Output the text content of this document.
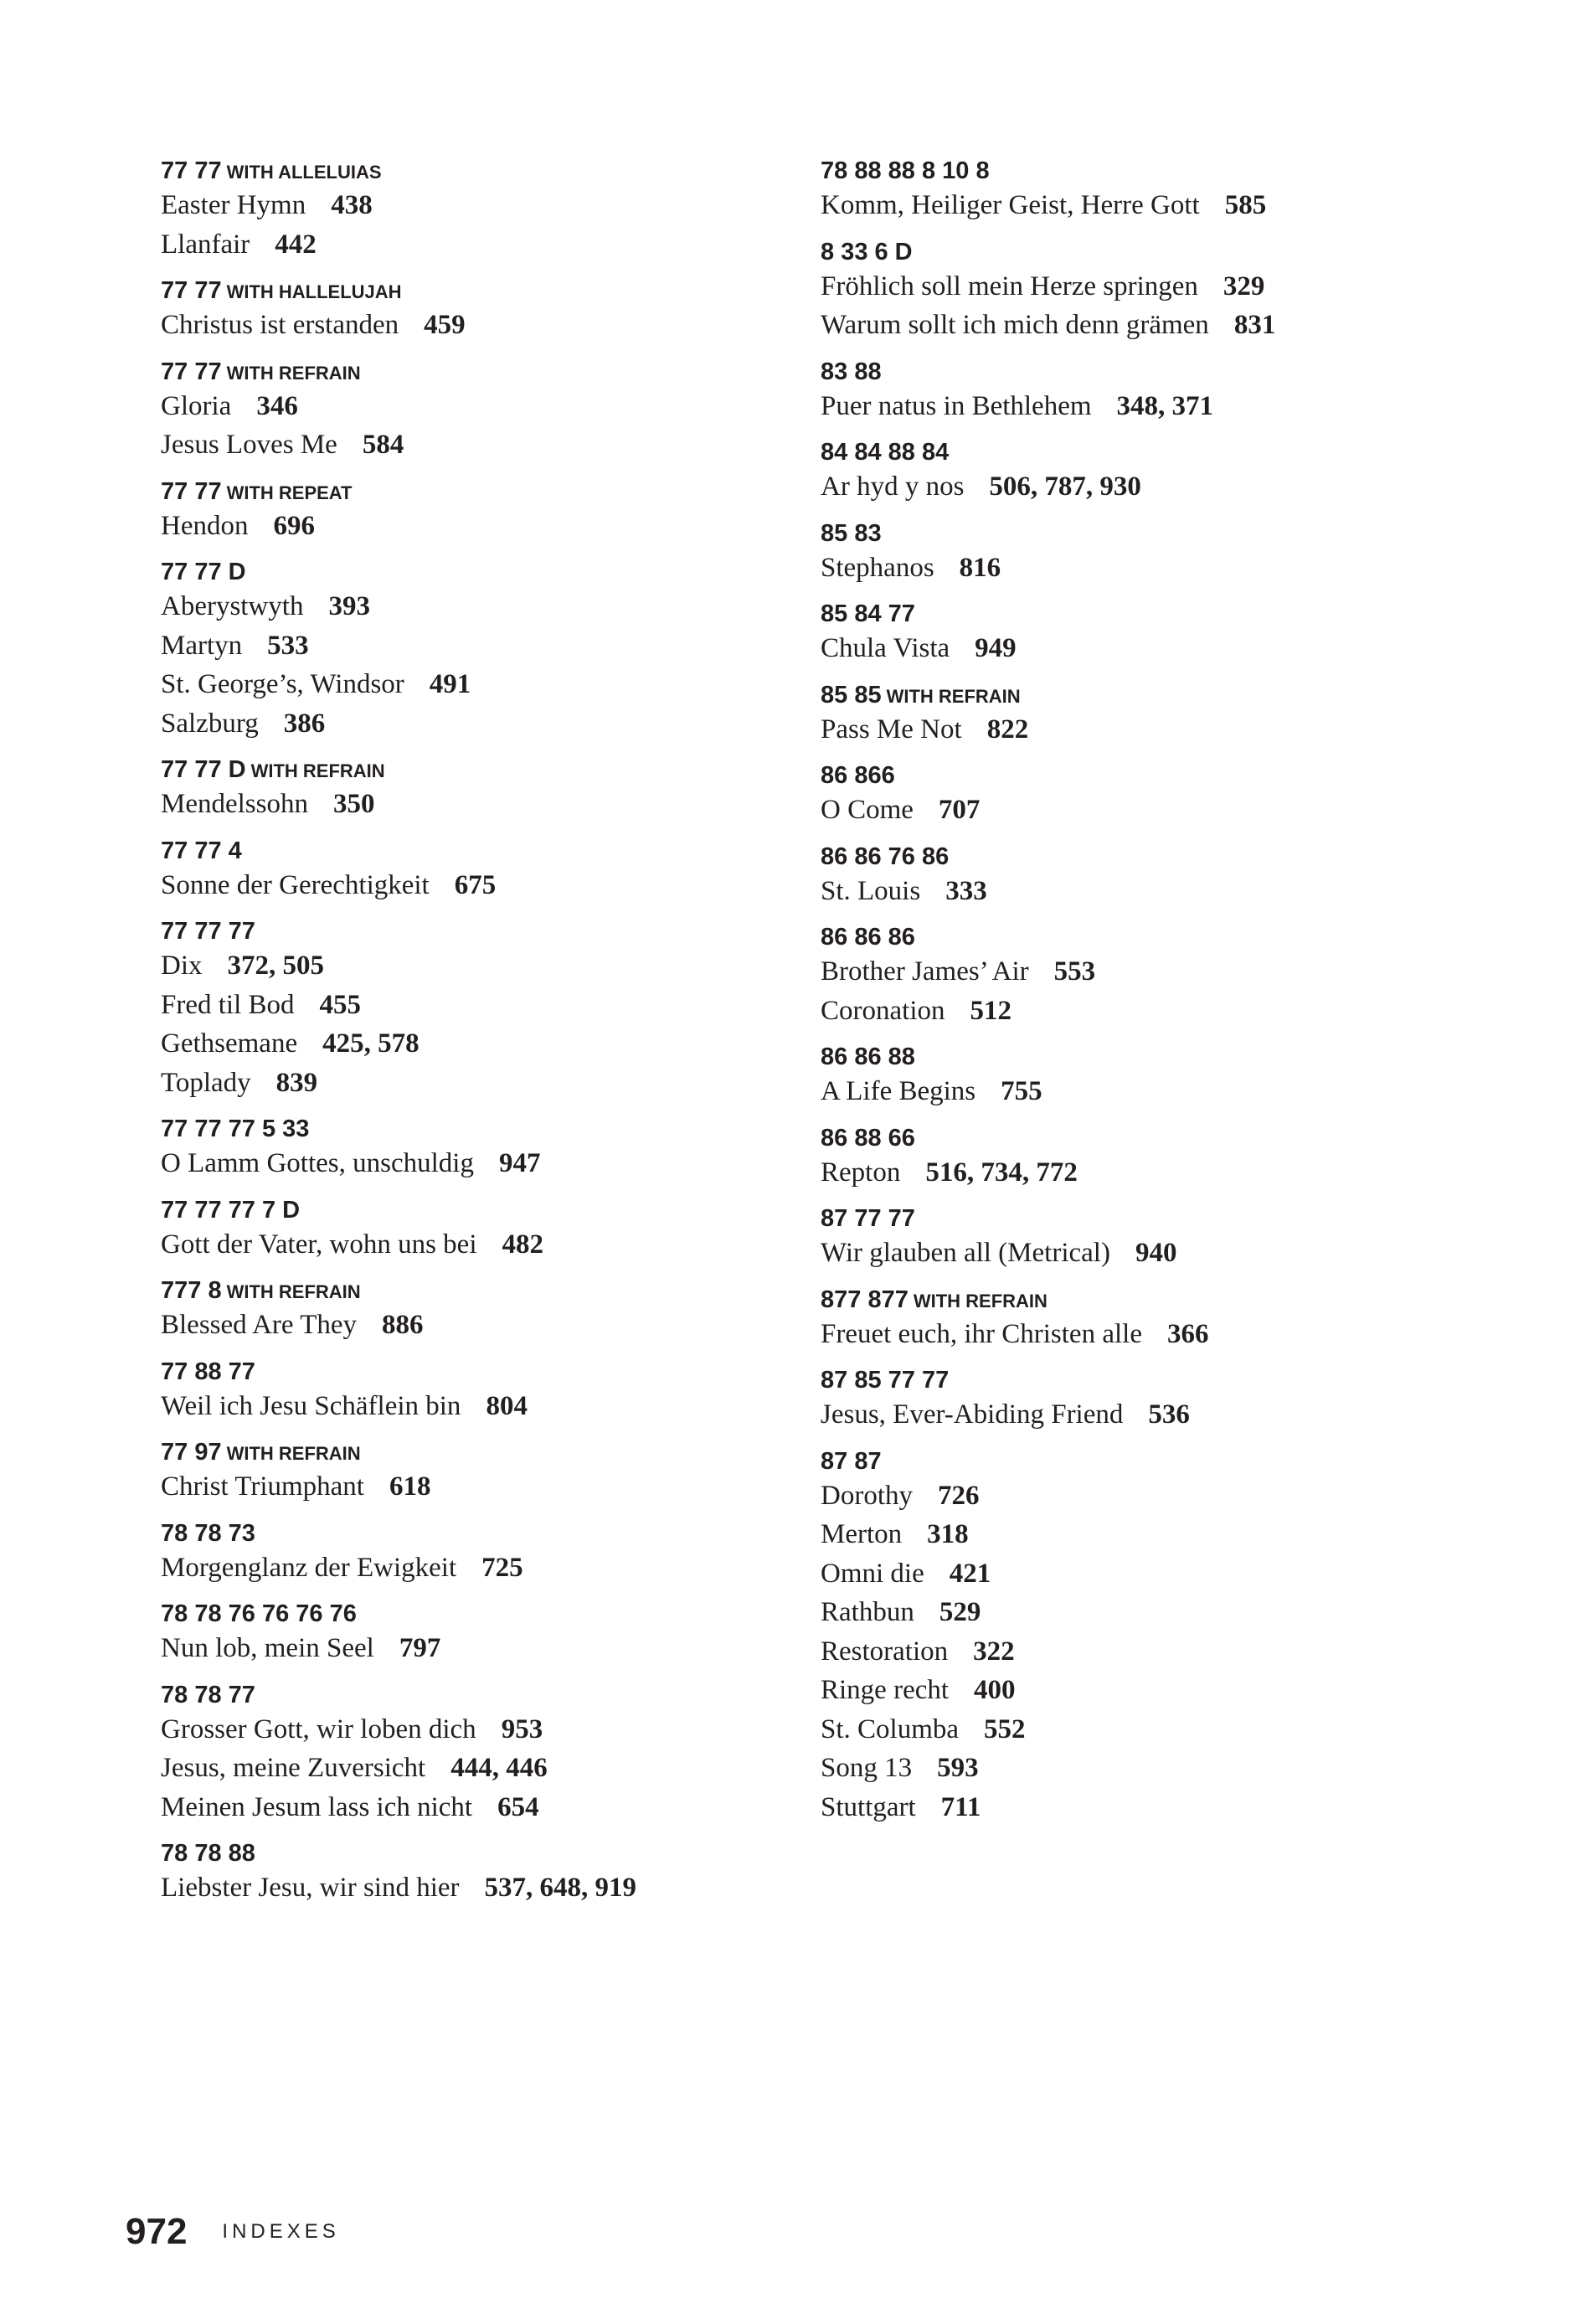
77 77 WITH ALLELUIAS
Easter Hymn 438
Llanfair 442
77 77 WITH HALLELUJAH
Christus ist erstanden 459
77 77 WITH REFRAIN
Gloria 346
Jesus Loves Me 584
77 77 WITH REPEAT
Hendon 696
77 77 D
Aberystwyth 393
Martyn 533
St. George’s, Windsor 491
Salzburg 386
77 77 D WITH REFRAIN
Mendelssohn 350
77 77 4
Sonne der Gerechtigkeit 675
77 77 77
Dix 372, 505
Fred til Bod 455
Gethsemane 425, 578
Toplady 839
77 77 77 5 33
O Lamm Gottes, unschuldig 947
77 77 77 7 D
Gott der Vater, wohn uns bei 482
777 8 WITH REFRAIN
Blessed Are They 886
77 88 77
Weil ich Jesu Schäflein bin 804
77 97 WITH REFRAIN
Christ Triumphant 618
78 78 73
Morgenglanz der Ewigkeit 725
78 78 76 76 76 76
Nun lob, mein Seel 797
78 78 77
Grosser Gott, wir loben dich 953
Jesus, meine Zuversicht 444, 446
Meinen Jesum lass ich nicht 654
78 78 88
Liebster Jesu, wir sind hier 537, 648, 919
78 88 88 8 10 8
Komm, Heiliger Geist, Herre Gott 585
8 33 6 D
Fröhlich soll mein Herze springen 329
Warum sollt ich mich denn grämen 831
83 88
Puer natus in Bethlehem 348, 371
84 84 88 84
Ar hyd y nos 506, 787, 930
85 83
Stephanos 816
85 84 77
Chula Vista 949
85 85 WITH REFRAIN
Pass Me Not 822
86 866
O Come 707
86 86 76 86
St. Louis 333
86 86 86
Brother James’ Air 553
Coronation 512
86 86 88
A Life Begins 755
86 88 66
Repton 516, 734, 772
87 77 77
Wir glauben all (Metrical) 940
877 877 WITH REFRAIN
Freuet euch, ihr Christen alle 366
87 85 77 77
Jesus, Ever-Abiding Friend 536
87 87
Dorothy 726
Merton 318
Omni die 421
Rathbun 529
Restoration 322
Ringe recht 400
St. Columba 552
Song 13 593
Stuttgart 711
972 INDEXES
